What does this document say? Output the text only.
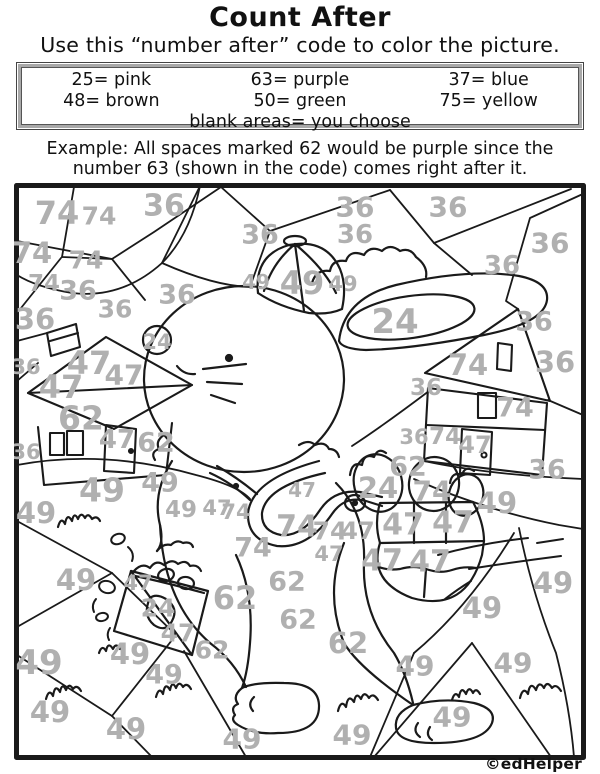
Count After
Use this “number after” code to color the picture.
25= pink	63= purple	37= blue
48= brown	50= green	75= yellow
blank areas= you choose
Example: All spaces marked 62 would be purple since the
number 63 (shown in the code) comes right after it.
74 74 36
36
36
36
36
36
36
74 74
74 36
36
36
36 49 49 49
24	24
36
36
47
47
47
62
47 62
36
74 36
36
74
36 74
47
62	36
49 49
49	49 47
74
47 24 74 49
74
74
47 47 47
74 47 47 47
49 47	62	49
62
24	49
62
47
62	62
49 49
49	49 49
49 49	49	49
49
©edHelper
